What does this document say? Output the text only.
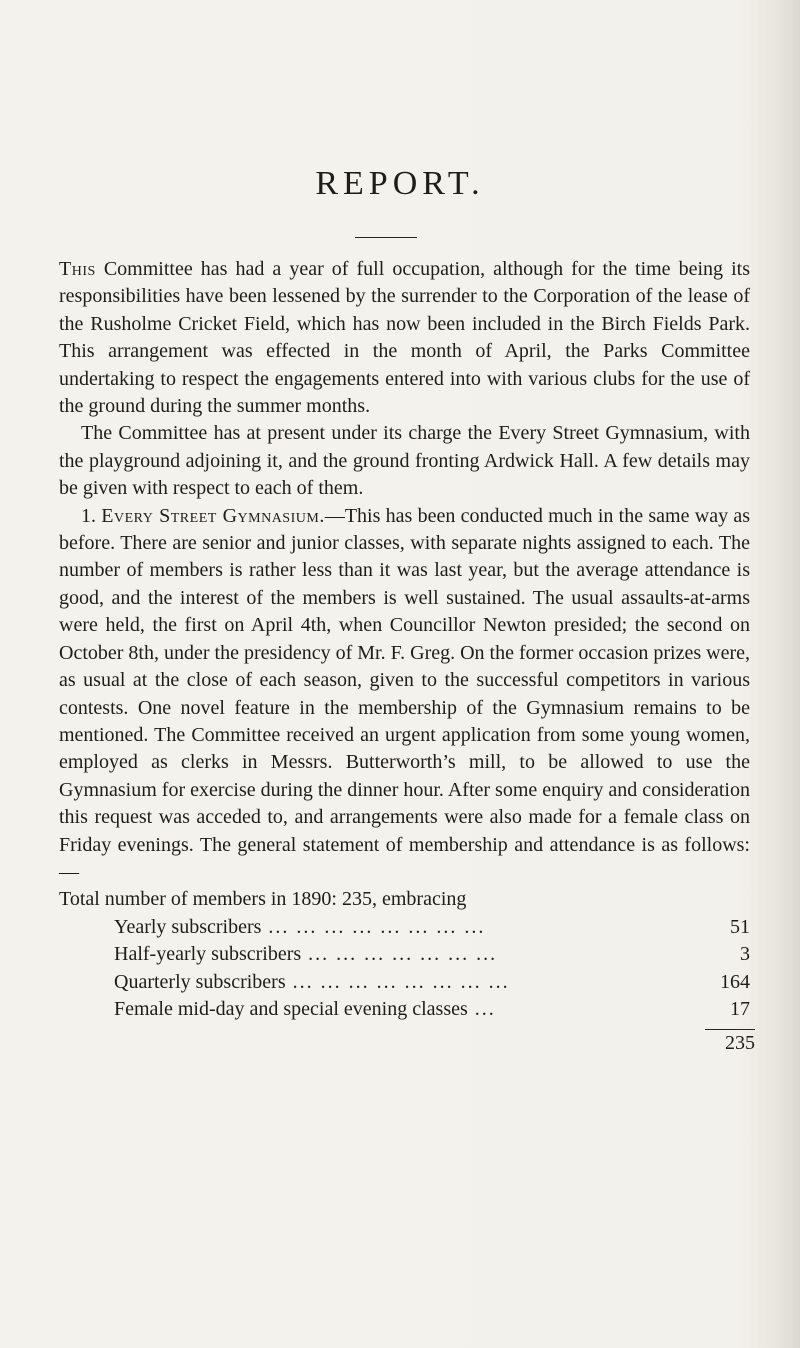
REPORT.

This Committee has had a year of full occupation, although for the time being its responsibilities have been lessened by the surrender to the Corporation of the lease of the Rusholme Cricket Field, which has now been included in the Birch Fields Park. This arrangement was effected in the month of April, the Parks Committee undertaking to respect the engagements entered into with various clubs for the use of the ground during the summer months.

The Committee has at present under its charge the Every Street Gymnasium, with the playground adjoining it, and the ground fronting Ardwick Hall. A few details may be given with respect to each of them.

1. Every Street Gymnasium.—This has been conducted much in the same way as before. There are senior and junior classes, with separate nights assigned to each. The number of members is rather less than it was last year, but the average attendance is good, and the interest of the members is well sustained. The usual assaults-at-arms were held, the first on April 4th, when Councillor Newton presided; the second on October 8th, under the presidency of Mr. F. Greg. On the former occasion prizes were, as usual at the close of each season, given to the successful competitors in various contests. One novel feature in the membership of the Gymnasium remains to be mentioned. The Committee received an urgent application from some young women, employed as clerks in Messrs. Butterworth’s mill, to be allowed to use the Gymnasium for exercise during the dinner hour. After some enquiry and consideration this request was acceded to, and arrangements were also made for a female class on Friday evenings. The general statement of membership and attendance is as follows:—

Total number of members in 1890: 235, embracing

Yearly subscribers ... ... ... ... ... ... ... ...	51
Half-yearly subscribers ... ... ... ... ... ... ...	3
Quarterly subscribers ... ... ... ... ... ... ... ...	164
Female mid-day and special evening classes ...	17
235
